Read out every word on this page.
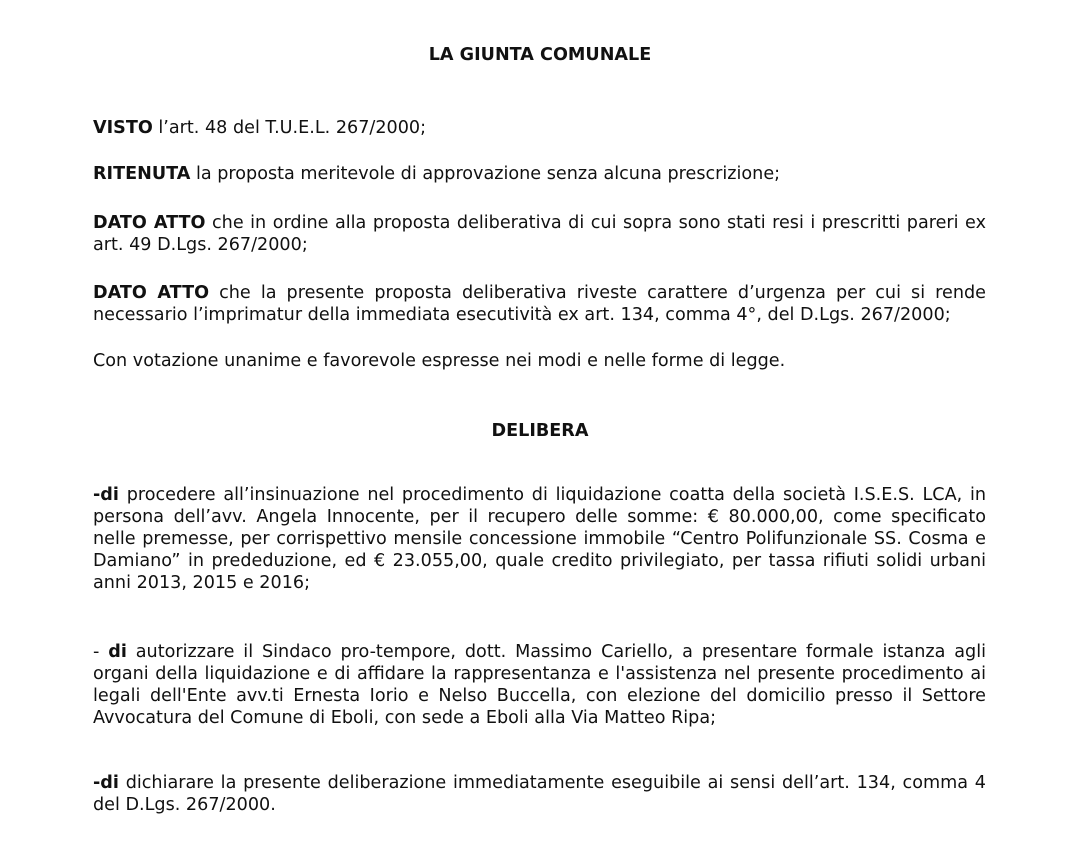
LA GIUNTA COMUNALE

VISTO l’art. 48 del T.U.E.L. 267/2000;

RITENUTA la proposta meritevole di approvazione senza alcuna prescrizione;

DATO ATTO che in ordine alla proposta deliberativa di cui sopra sono stati resi i prescritti pareri ex art. 49 D.Lgs. 267/2000;

DATO ATTO che la presente proposta deliberativa riveste carattere d’urgenza per cui si rende necessario l’imprimatur della immediata esecutività ex art. 134, comma 4°, del D.Lgs. 267/2000;

Con votazione unanime e favorevole espresse nei modi e nelle forme di legge.

DELIBERA

-di procedere all’insinuazione nel procedimento di liquidazione coatta della società I.S.E.S. LCA, in persona dell’avv. Angela Innocente, per il recupero delle somme: € 80.000,00, come specificato nelle premesse, per corrispettivo mensile concessione immobile “Centro Polifunzionale SS. Cosma e Damiano” in prededuzione, ed € 23.055,00, quale credito privilegiato, per tassa rifiuti solidi urbani anni 2013, 2015 e 2016;

- di autorizzare il Sindaco pro-tempore, dott. Massimo Cariello, a presentare formale istanza agli organi della liquidazione e di affidare la rappresentanza e l'assistenza nel presente procedimento ai legali dell'Ente avv.ti Ernesta Iorio e Nelso Buccella, con elezione del domicilio presso il Settore Avvocatura del Comune di Eboli, con sede a Eboli alla Via Matteo Ripa;

-di dichiarare la presente deliberazione immediatamente eseguibile ai sensi dell’art. 134, comma 4 del D.Lgs. 267/2000.
